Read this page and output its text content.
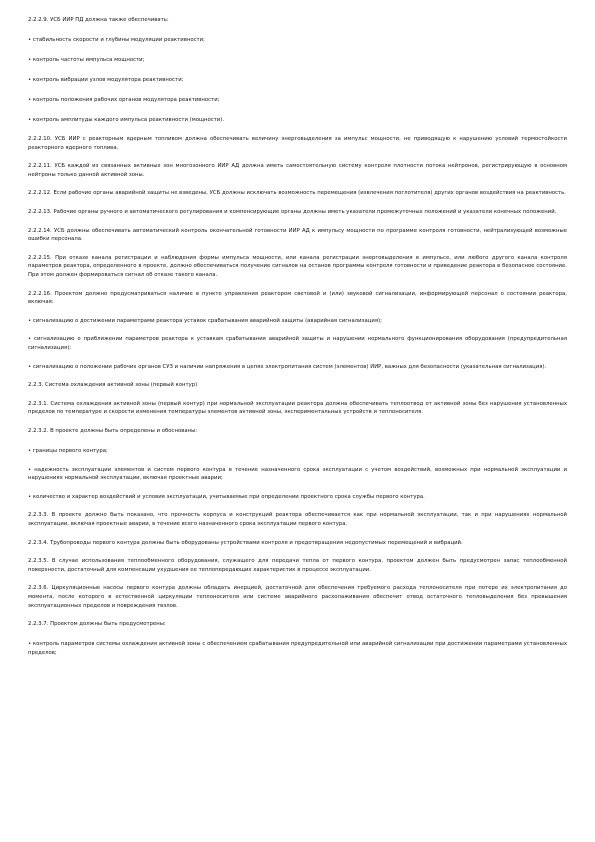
2.2.2.9. УСБ ИИР ПД должна также обеспечивать:

• стабильность скорости и глубины модуляции реактивности;

• контроль частоты импульса мощности;

• контроль вибрации узлов модулятора реактивности;

• контроль положения рабочих органов модулятора реактивности;

• контроль амплитуды каждого импульса реактивности (мощности).

2.2.2.10. УСБ ИИР с реакторным ядерным топливом должна обеспечивать величину энерговыделения за импульс мощности, не приводящую к нарушению условий термостойкости реакторного ядерного топлива.

2.2.2.11. УСБ каждой из связанных активных зон многозонного ИИР АД должна иметь самостоятельную систему контроля плотности потока нейтронов, регистрирующую в основном нейтроны только данной активной зоны.

2.2.2.12. Если рабочие органы аварийной защиты не взведены, УСБ должны исключать возможность перемещения (извлечения поглотителя) других органов воздействия на реактивность.

2.2.2.13. Рабочие органы ручного и автоматического регулирования и компенсирующие органы должны иметь указатели промежуточных положений и указатели конечных положений.

2.2.2.14. УСБ должны обеспечивать автоматический контроль окончательной готовности ИИР АД к импульсу мощности по программе контроля готовности, нейтрализующей возможные ошибки персонала.

2.2.2.15. При отказе канала регистрации и наблюдения формы импульса мощности, или канала регистрации энерговыделения в импульсе, или любого другого канала контроля параметров реактора, определенного в проекте, должно обеспечиваться получение сигналов на останов программы контроля готовности и приведение реактора в безопасное состояние. При этом должен формироваться сигнал об отказе такого канала.

2.2.2.16. Проектом должно предусматриваться наличие в пункте управления реактором световой и (или) звуковой сигнализации, информирующей персонал о состоянии реактора, включая:

• сигнализацию о достижении параметрами реактора уставок срабатывания аварийной защиты (аварийная сигнализация);

• сигнализацию о приближении параметров реактора к уставкам срабатывания аварийной защиты и нарушении нормального функционирования оборудования (предупредительная сигнализация);

• сигнализацию о положении рабочих органов СУЗ и наличии напряжения в цепях электропитания систем (элементов) ИИР, важных для безопасности (указательная сигнализация).

2.2.3. Система охлаждения активной зоны (первый контур)

2.2.3.1. Система охлаждения активной зоны (первый контур) при нормальной эксплуатации реактора должна обеспечивать теплоотвод от активной зоны без нарушения установленных пределов по температуре и скорости изменения температуры элементов активной зоны, экспериментальных устройств и теплоносителя.

2.2.3.2. В проекте должны быть определены и обоснованы:

• границы первого контура;

• надежность эксплуатации элементов и систем первого контура в течение назначенного срока эксплуатации с учетом воздействий, возможных при нормальной эксплуатации и нарушениях нормальной эксплуатации, включая проектные аварии;

• количество и характер воздействий и условия эксплуатации, учитываемые при определении проектного срока службы первого контура.

2.2.3.3. В проекте должно быть показано, что прочность корпуса и конструкций реактора обеспечивается как при нормальной эксплуатации, так и при нарушениях нормальной эксплуатации, включая проектные аварии, в течение всего назначенного срока эксплуатации первого контура.

2.2.3.4. Трубопроводы первого контура должны быть оборудованы устройствами контроля и предотвращения недопустимых перемещений и вибраций.

2.2.3.5. В случае использования теплообменного оборудования, служащего для передачи тепла от первого контура, проектом должен быть предусмотрен запас теплообменной поверхности, достаточный для компенсации ухудшения ее теплопередающих характеристик в процессе эксплуатации.

2.2.3.6. Циркуляционные насосы первого контура должны обладать инерцией, достаточной для обеспечения требуемого расхода теплоносителя при потере их электропитания до момента, после которого в естественной циркуляции теплоносителя или системе аварийного расхолаживания обеспечит отвод остаточного тепловыделения без превышения эксплуатационных пределов и повреждения твэлов.

2.2.3.7. Проектом должны быть предусмотрены:

• контроль параметров системы охлаждения активной зоны с обеспечением срабатывания предупредительной или аварийной сигнализации при достижении параметрами установленных пределов;
